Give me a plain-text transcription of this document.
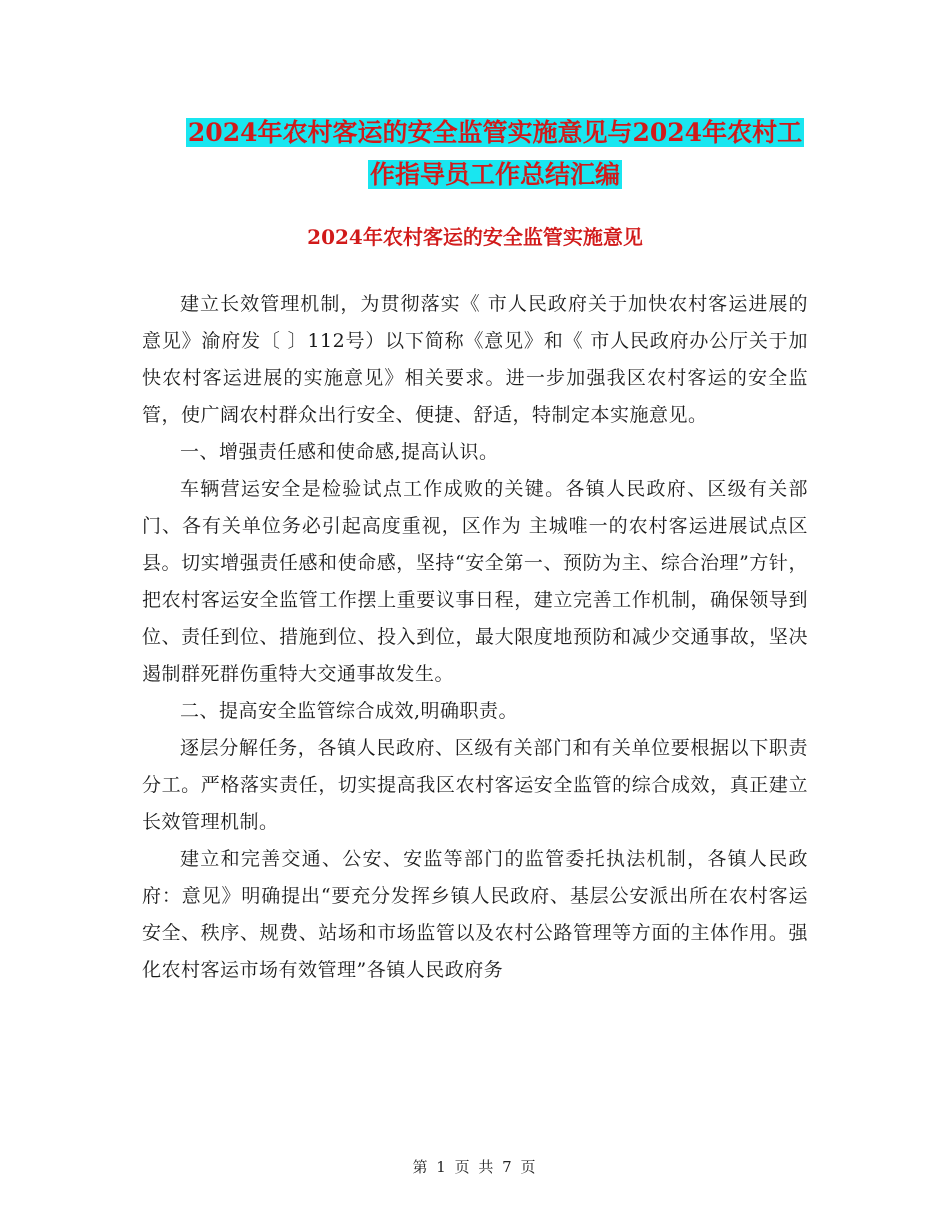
2024年农村客运的安全监管实施意见与2024年农村工
作指导员工作总结汇编
2024年农村客运的安全监管实施意见

建立长效管理机制，为贯彻落实《 市人民政府关于加快农村客运进展的意见》渝府发〔 〕112号）以下简称《意见》和《 市人民政府办公厅关于加快农村客运进展的实施意见》相关要求。进一步加强我区农村客运的安全监管，使广阔农村群众出行安全、便捷、舒适，特制定本实施意见。

一、增强责任感和使命感,提高认识。

车辆营运安全是检验试点工作成败的关键。各镇人民政府、区级有关部门、各有关单位务必引起高度重视，区作为 主城唯一的农村客运进展试点区县。切实增强责任感和使命感，坚持“安全第一、预防为主、综合治理”方针，把农村客运安全监管工作摆上重要议事日程，建立完善工作机制，确保领导到位、责任到位、措施到位、投入到位，最大限度地预防和减少交通事故，坚决遏制群死群伤重特大交通事故发生。

二、提高安全监管综合成效,明确职责。

逐层分解任务，各镇人民政府、区级有关部门和有关单位要根据以下职责分工。严格落实责任，切实提高我区农村客运安全监管的综合成效，真正建立长效管理机制。

建立和完善交通、公安、安监等部门的监管委托执法机制，各镇人民政府：意见》明确提出“要充分发挥乡镇人民政府、基层公安派出所在农村客运安全、秩序、规费、站场和市场监管以及农村公路管理等方面的主体作用。强化农村客运市场有效管理”各镇人民政府务

第 1 页 共 7 页
